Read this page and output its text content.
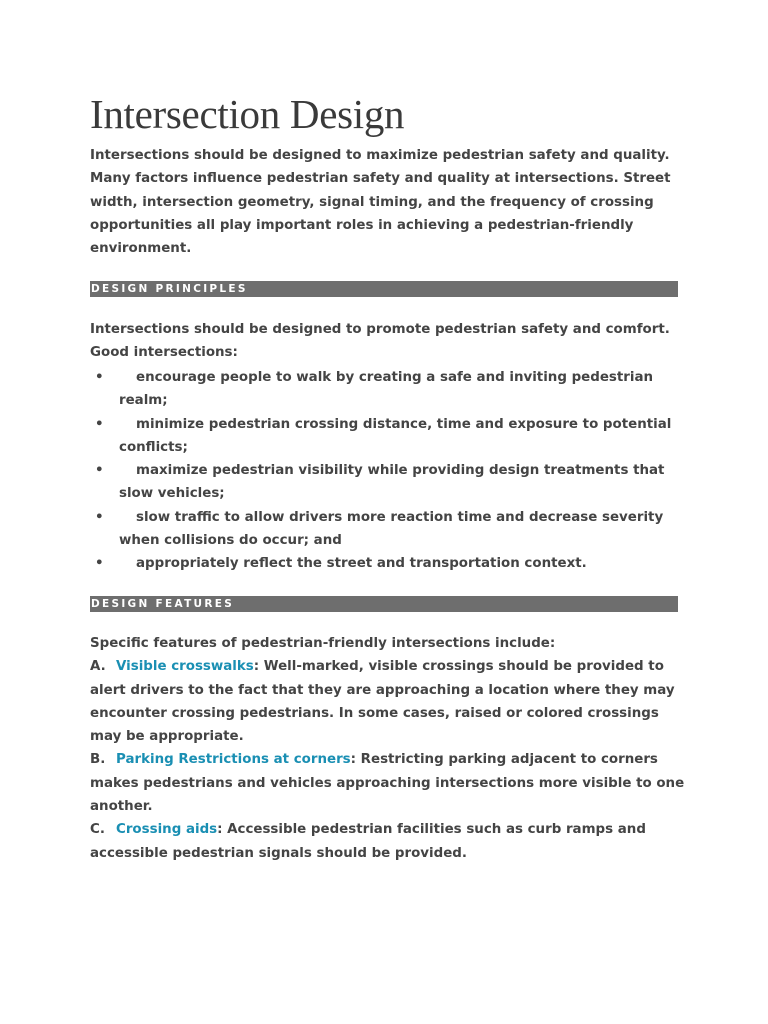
Intersection Design

Intersections should be designed to maximize pedestrian safety and quality. Many factors influence pedestrian safety and quality at intersections. Street width, intersection geometry, signal timing, and the frequency of crossing opportunities all play important roles in achieving a pedestrian-friendly environment.

DESIGN PRINCIPLES

Intersections should be designed to promote pedestrian safety and comfort. Good intersections:

•	encourage people to walk by creating a safe and inviting pedestrian realm;
•	minimize pedestrian crossing distance, time and exposure to potential conflicts;
•	maximize pedestrian visibility while providing design treatments that slow vehicles;
•	slow traffic to allow drivers more reaction time and decrease severity when collisions do occur; and
•	appropriately reflect the street and transportation context.
DESIGN FEATURES
Specific features of pedestrian-friendly intersections include:
A. Visible crosswalks: Well-marked, visible crossings should be provided to alert drivers to the fact that they are approaching a location where they may encounter crossing pedestrians. In some cases, raised or colored crossings may be appropriate.
B. Parking Restrictions at corners: Restricting parking adjacent to corners makes pedestrians and vehicles approaching intersections more visible to one another.
C. Crossing aids: Accessible pedestrian facilities such as curb ramps and accessible pedestrian signals should be provided.
